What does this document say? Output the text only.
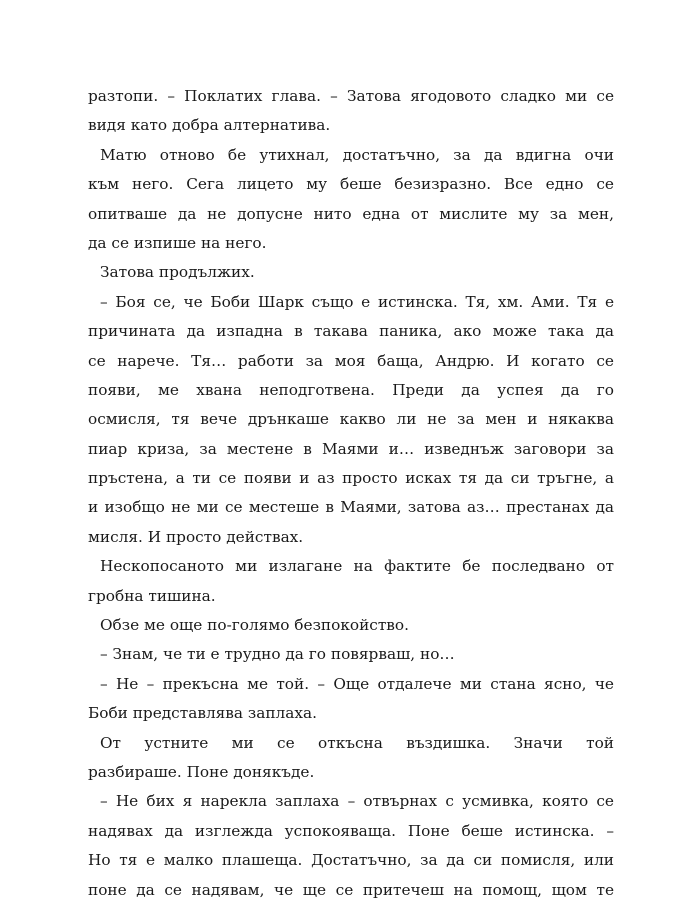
разтопи. – Поклатих глава. – Затова ягодовото сладко ми се
видя като добра алтернатива.
Матю отново бе утихнал, достатъчно, за да вдигна очи
към него. Сега лицето му беше безизразно. Все едно се
опитваше да не допусне нито една от мислите му за мен,
да се изпише на него.
Затова продължих.
– Боя се, че Боби Шарк също е истинска. Тя, хм. Ами. Тя е
причината да изпадна в такава паника, ако може така да
се нарече. Тя… работи за моя баща, Андрю. И когато се
появи, ме хвана неподготвена. Преди да успея да го
осмисля, тя вече дрънкаше какво ли не за мен и някаква
пиар криза, за местене в Маями и… изведнъж заговори за
пръстена, а ти се появи и аз просто исках тя да си тръгне, а
и изобщо не ми се местеше в Маями, затова аз… престанах да
мисля. И просто действах.
Нескопосаното ми излагане на фактите бе последвано от
гробна тишина.
Обзе ме още по-голямо безпокойство.
– Знам, че ти е трудно да го повярваш, но…
– Не – прекъсна ме той. – Още отдалече ми стана ясно, че
Боби представлява заплаха.
От устните ми се откъсна въздишка. Значи той
разбираше. Поне донякъде.
– Не бих я нарекла заплаха – отвърнах с усмивка, която се
надявах да изглежда успокояваща. Поне беше истинска. –
Но тя е малко плашеща. Достатъчно, за да си помисля, или
поне да се надявам, че ще се притечеш на помощ, щом те
